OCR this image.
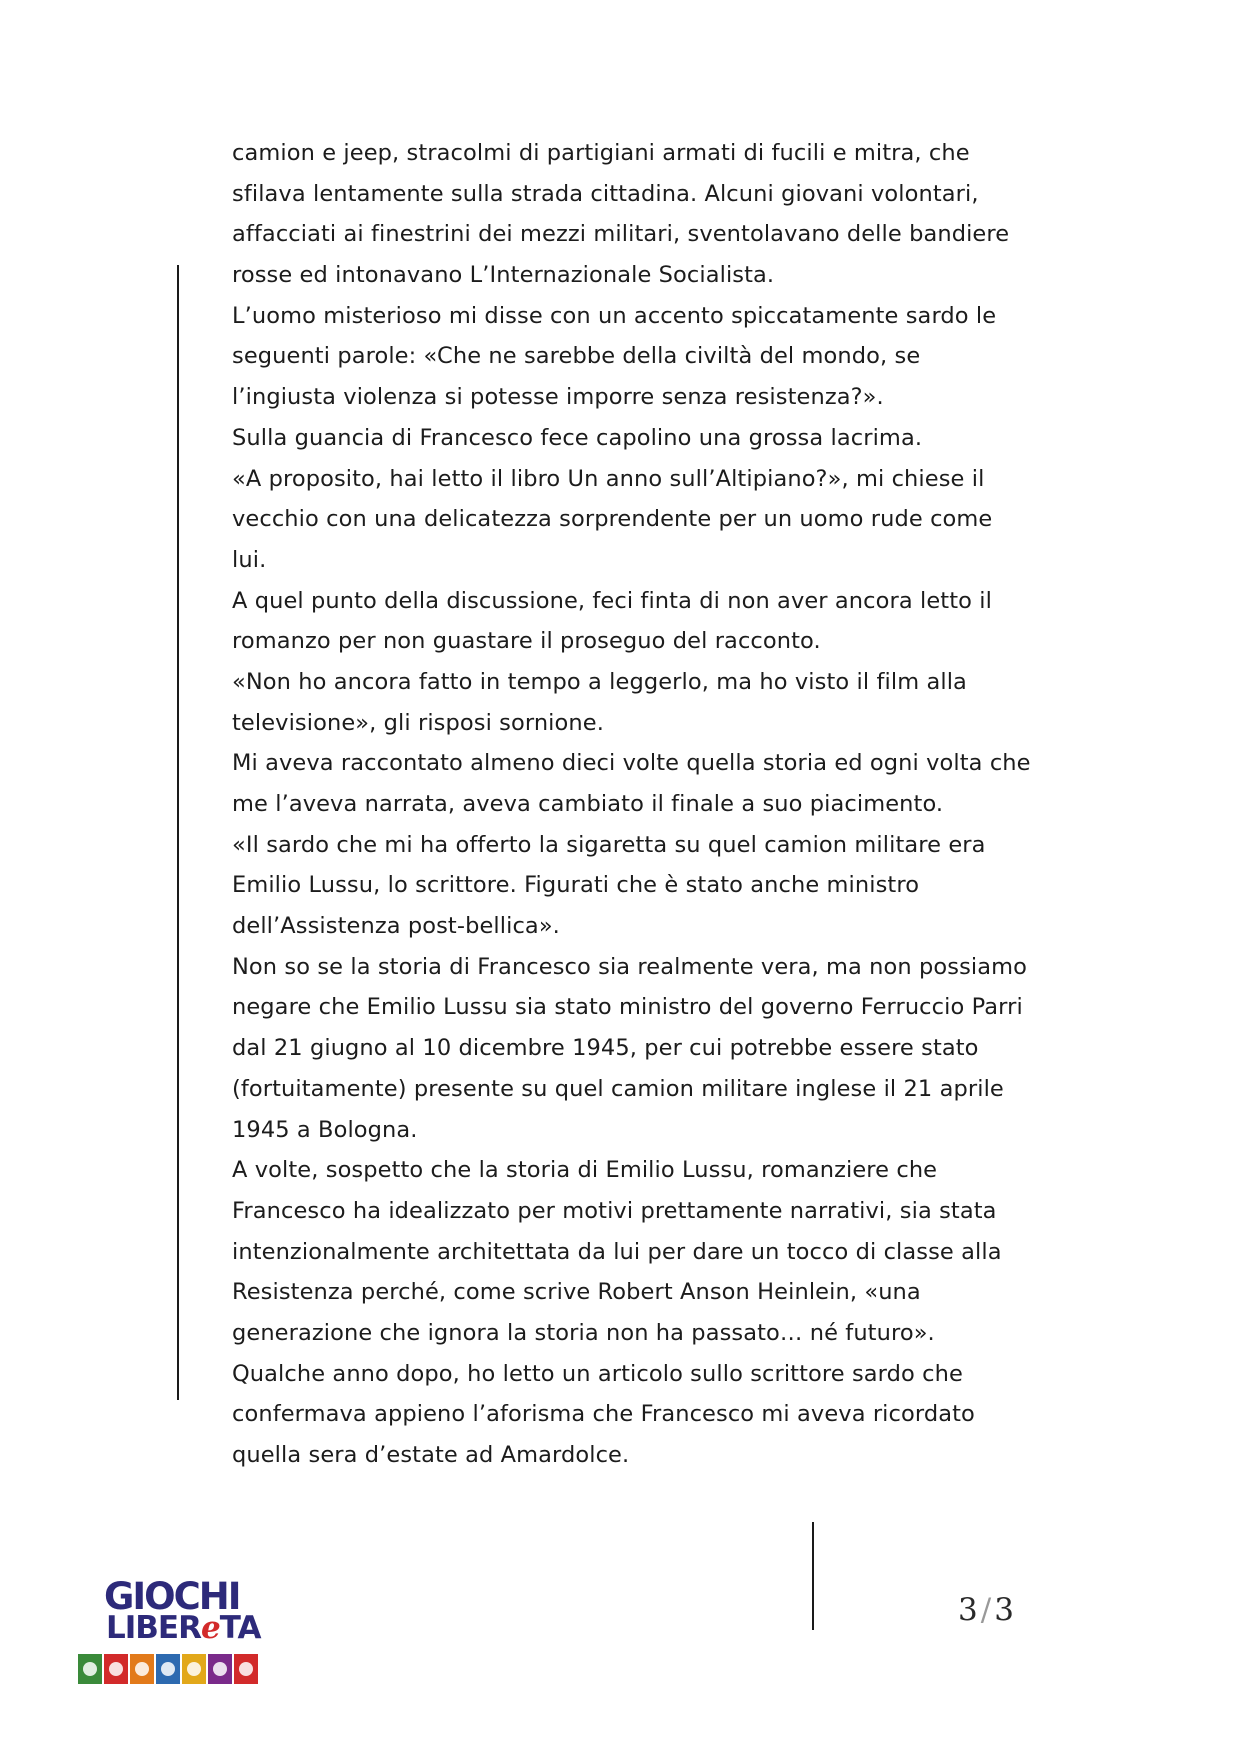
camion e jeep, stracolmi di partigiani armati di fucili e mitra, che
sfilava lentamente sulla strada cittadina. Alcuni giovani volontari,
affacciati ai finestrini dei mezzi militari, sventolavano delle bandiere
rosse ed intonavano L’Internazionale Socialista.
L’uomo misterioso mi disse con un accento spiccatamente sardo le
seguenti parole: «Che ne sarebbe della civiltà del mondo, se
l’ingiusta violenza si potesse imporre senza resistenza?».
Sulla guancia di Francesco fece capolino una grossa lacrima.
«A proposito, hai letto il libro Un anno sull’Altipiano?», mi chiese il
vecchio con una delicatezza sorprendente per un uomo rude come
lui.
A quel punto della discussione, feci finta di non aver ancora letto il
romanzo per non guastare il proseguo del racconto.
«Non ho ancora fatto in tempo a leggerlo, ma ho visto il film alla
televisione», gli risposi sornione.
Mi aveva raccontato almeno dieci volte quella storia ed ogni volta che
me l’aveva narrata, aveva cambiato il finale a suo piacimento.
«Il sardo che mi ha offerto la sigaretta su quel camion militare era
Emilio Lussu, lo scrittore. Figurati che è stato anche ministro
dell’Assistenza post-bellica».
Non so se la storia di Francesco sia realmente vera, ma non possiamo
negare che Emilio Lussu sia stato ministro del governo Ferruccio Parri
dal 21 giugno al 10 dicembre 1945, per cui potrebbe essere stato
(fortuitamente) presente su quel camion militare inglese il 21 aprile
1945 a Bologna.
A volte, sospetto che la storia di Emilio Lussu, romanziere che
Francesco ha idealizzato per motivi prettamente narrativi, sia stata
intenzionalmente architettata da lui per dare un tocco di classe alla
Resistenza perché, come scrive Robert Anson Heinlein, «una
generazione che ignora la storia non ha passato… né futuro».
Qualche anno dopo, ho letto un articolo sullo scrittore sardo che
confermava appieno l’aforisma che Francesco mi aveva ricordato
quella sera d’estate ad Amardolce.
GIOCHI
LIBEReTA	3/3
